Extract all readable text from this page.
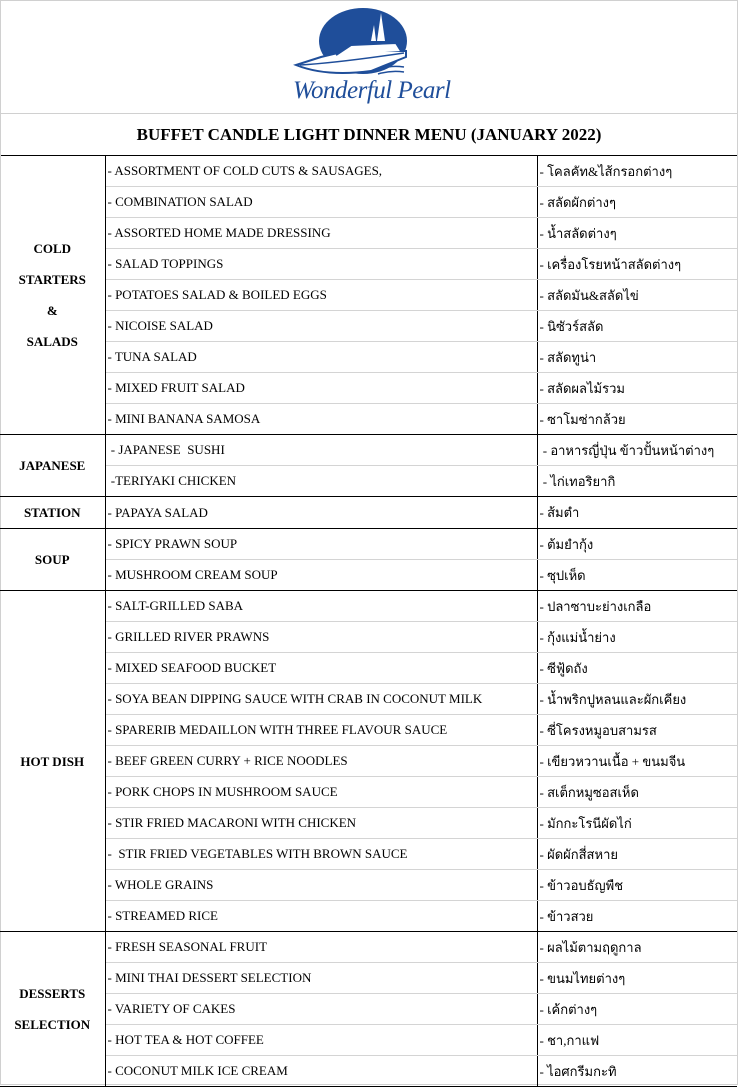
Wonderful Pearl
BUFFET CANDLE LIGHT DINNER MENU (JANUARY 2022)
COLD
STARTERS
&
SALADS	- ASSORTMENT OF COLD CUTS & SAUSAGES,	- โคลคัท&ไส้กรอกต่างๆ
	- COMBINATION SALAD	- สลัดผักต่างๆ
	- ASSORTED HOME MADE DRESSING	- น้ำสลัดต่างๆ
	- SALAD TOPPINGS	- เครื่องโรยหน้าสลัดต่างๆ
	- POTATOES SALAD & BOILED EGGS	- สลัดมัน&สลัดไข่
	- NICOISE SALAD	- นิซัวร์สลัด
	- TUNA SALAD	- สลัดทูน่า
	- MIXED FRUIT SALAD	- สลัดผลไม้รวม
	- MINI BANANA SAMOSA	- ซาโมซ่ากล้วย
JAPANESE	- JAPANESE  SUSHI	- อาหารญี่ปุ่น ข้าวปั้นหน้าต่างๆ
	-TERIYAKI CHICKEN	- ไก่เทอริยากิ
STATION	- PAPAYA SALAD	- ส้มตำ
SOUP	- SPICY PRAWN SOUP	- ต้มยำกุ้ง
	- MUSHROOM CREAM SOUP	- ซุปเห็ด
HOT DISH	- SALT-GRILLED SABA	- ปลาซาบะย่างเกลือ
	- GRILLED RIVER PRAWNS	- กุ้งแม่น้ำย่าง
	- MIXED SEAFOOD BUCKET	- ซีฟู้ดถัง
	- SOYA BEAN DIPPING SAUCE WITH CRAB IN COCONUT MILK	- น้ำพริกปูหลนและผักเคียง
	- SPARERIB MEDAILLON WITH THREE FLAVOUR SAUCE	- ซี่โครงหมูอบสามรส
	- BEEF GREEN CURRY + RICE NOODLES	- เขียวหวานเนื้อ + ขนมจีน
	- PORK CHOPS IN MUSHROOM SAUCE	- สเต็กหมูซอสเห็ด
	- STIR FRIED MACARONI WITH CHICKEN	- มักกะโรนีผัดไก่
	-  STIR FRIED VEGETABLES WITH BROWN SAUCE	- ผัดผักสี่สหาย
	- WHOLE GRAINS	- ข้าวอบธัญพืช
	- STREAMED RICE	- ข้าวสวย
DESSERTS
SELECTION	- FRESH SEASONAL FRUIT	- ผลไม้ตามฤดูกาล
	- MINI THAI DESSERT SELECTION	- ขนมไทยต่างๆ
	- VARIETY OF CAKES	- เค้กต่างๆ
	- HOT TEA & HOT COFFEE	- ชา,กาแฟ
	- COCONUT MILK ICE CREAM	- ไอศกรีมกะทิ
